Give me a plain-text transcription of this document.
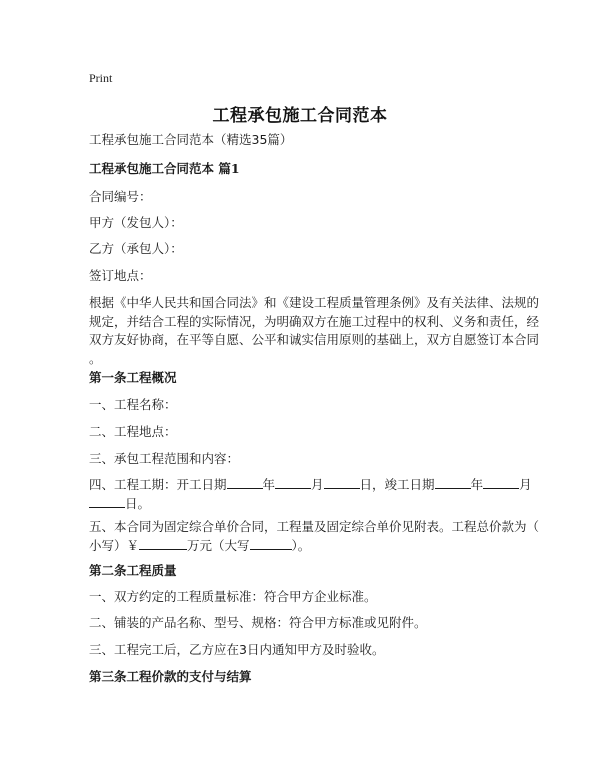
Print
工程承包施工合同范本
工程承包施工合同范本（精选35篇）
工程承包施工合同范本 篇1
合同编号：
甲方（发包人）：
乙方（承包人）：
签订地点：
根据《中华人民共和国合同法》和《建设工程质量管理条例》及有关法律、法规的
规定，并结合工程的实际情况，为明确双方在施工过程中的权利、义务和责任，经
双方友好协商，在平等自愿、公平和诚实信用原则的基础上，双方自愿签订本合同
。
第一条工程概况
一、工程名称：
二、工程地点：
三、承包工程范围和内容：
四、工程工期：开工日期	年	月	日，竣工日期	年	月
日。
五、本合同为固定综合单价合同，工程量及固定综合单价见附表。工程总价款为（
小写）￥	万元（大写	）。
第二条工程质量
一、双方约定的工程质量标准：符合甲方企业标准。
二、铺装的产品名称、型号、规格：符合甲方标准或见附件。
三、工程完工后，乙方应在3日内通知甲方及时验收。
第三条工程价款的支付与结算
